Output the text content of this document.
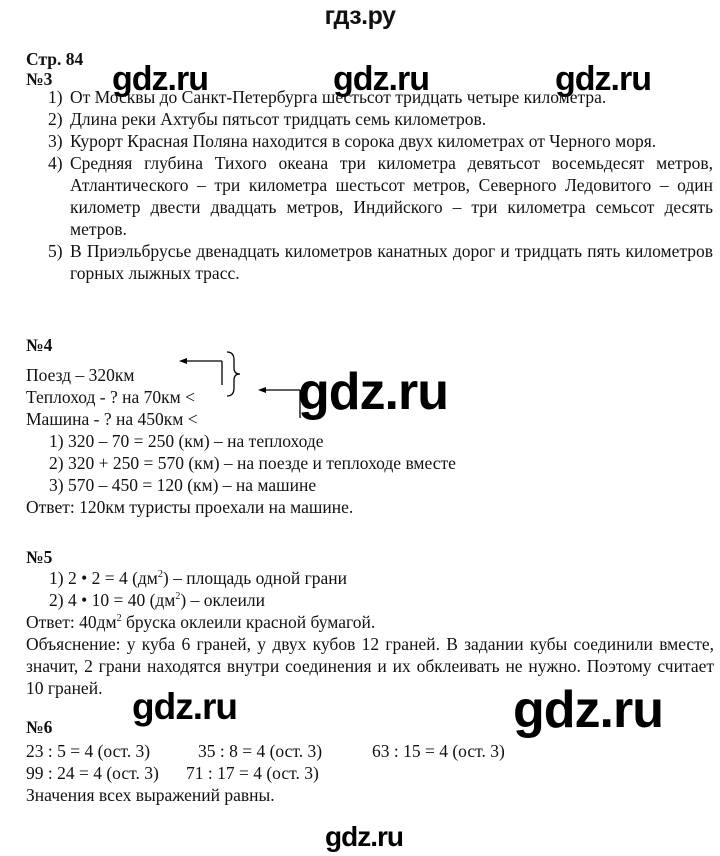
гдз.ру
Стр. 84
№3 gdz.ru	gdz.ru	gdz.ru
1) От Москвы до Санкт-Петербурга шестьсот тридцать четыре километра.
2) Длина реки Ахтубы пятьсот тридцать семь километров.
3) Курорт Красная Поляна находится в сорока двух километрах от Черного моря.
4) Средняя глубина Тихого океана три километра девятьсот восемьдесят метров, Атлантического – три километра шестьсот метров, Северного Ледовитого – один километр двести двадцать метров, Индийского – три километра семьсот десять метров.
5) В Приэльбрусье двенадцать километров канатных дорог и тридцать пять километров горных лыжных трасс.
№4
Поезд – 320км
Теплоход - ? на 70км <
Машина - ? на 450км < gdz.ru
1) 320 – 70 = 250 (км) – на теплоходе
2) 320 + 250 = 570 (км) – на поезде и теплоходе вместе
3) 570 – 450 = 120 (км) – на машине
Ответ: 120км туристы проехали на машине.
№5
1) 2 • 2 = 4 $(дм^2)$ – площадь одной грани
2) 4 • 10 = 40 $(дм^2)$ – оклеили
Ответ: $40дм^2$ бруска оклеили красной бумагой.
Объяснение: у куба 6 граней, у двух кубов 12 граней. В задании кубы соединили вместе, значит, 2 грани находятся внутри соединения и их обклеивать не нужно. Поэтому считает 10 граней. gdz.ru	gdz.ru
№6
23 : 5 = 4 (ост. 3)	35 : 8 = 4 (ост. 3)	63 : 15 = 4 (ост. 3)
99 : 24 = 4 (ост. 3) 71 : 17 = 4 (ост. 3)
Значения всех выражений равны.
gdz.ru
